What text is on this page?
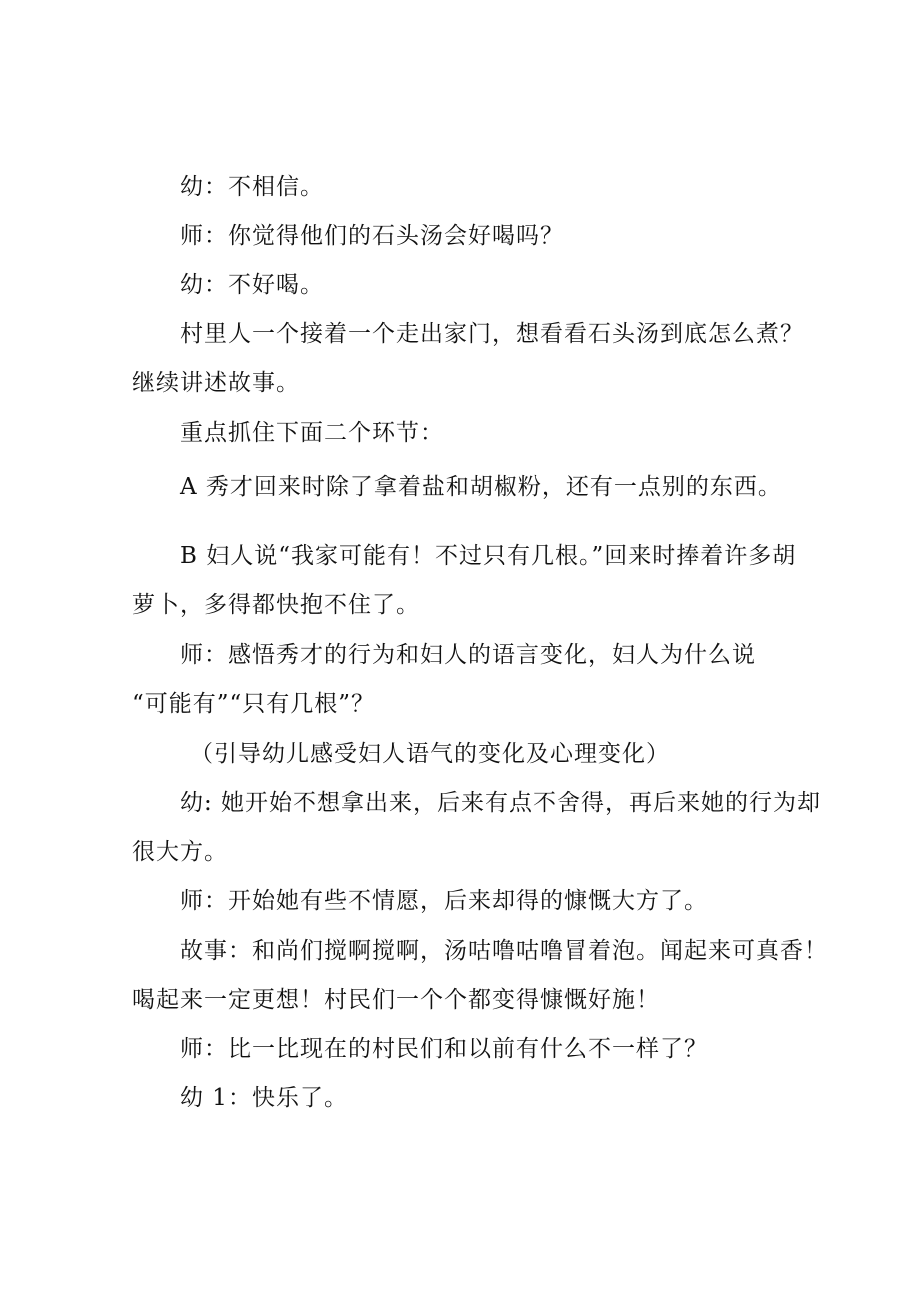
幼：不相信。
师：你觉得他们的石头汤会好喝吗？
幼：不好喝。
村里人一个接着一个走出家门，想看看石头汤到底怎么煮？
继续讲述故事。
重点抓住下面二个环节：
A 秀才回来时除了拿着盐和胡椒粉，还有一点别的东西。
B 妇人说“我家可能有！不过只有几根。”回来时捧着许多胡
萝卜，多得都快抱不住了。
师：感悟秀才的行为和妇人的语言变化，妇人为什么说
“可能有”“只有几根”？
（引导幼儿感受妇人语气的变化及心理变化）
幼: 她开始不想拿出来，后来有点不舍得，再后来她的行为却
很大方。
师：开始她有些不情愿，后来却得的慷慨大方了。
故事：和尚们搅啊搅啊，汤咕噜咕噜冒着泡。闻起来可真香！
喝起来一定更想！村民们一个个都变得慷慨好施！
师：比一比现在的村民们和以前有什么不一样了？
幼 1：快乐了。
